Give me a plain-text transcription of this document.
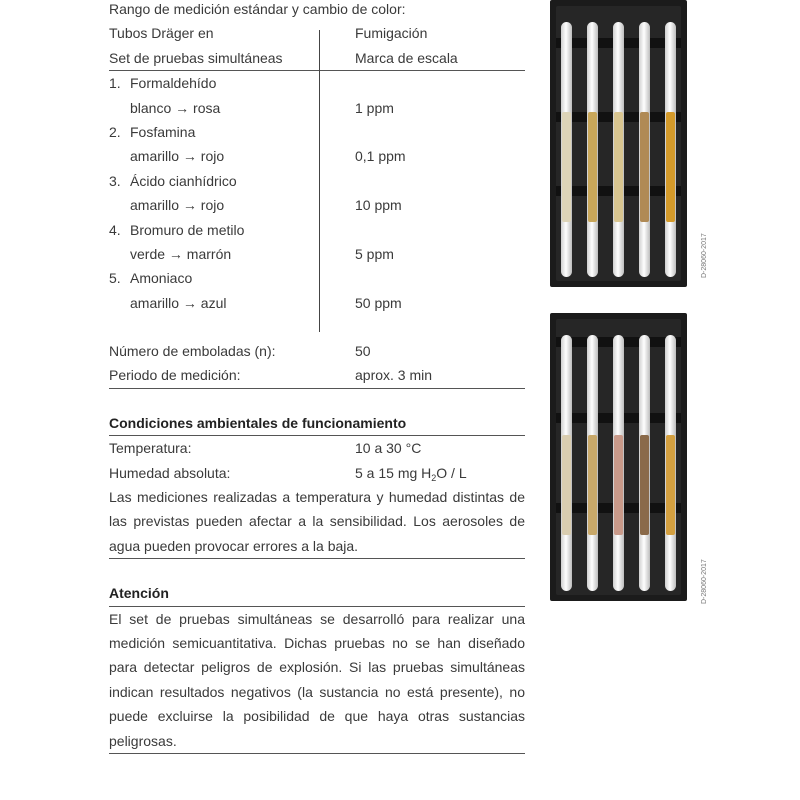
Rango de medición estándar y cambio de color:
Tubos Dräger en	Fumigación
Set de pruebas simultáneas	Marca de escala
1. Formaldehído
blanco → rosa	1 ppm
2. Fosfamina
amarillo → rojo	0,1 ppm
3. Ácido cianhídrico
amarillo → rojo	10 ppm
4. Bromuro de metilo
verde → marrón	5 ppm
5. Amoniaco
amarillo → azul	50 ppm
Número de emboladas (n):	50
Periodo de medición:	aprox. 3 min
Condiciones ambientales de funcionamiento
Temperatura:	10 a 30 °C
Humedad absoluta:	5 a 15 mg $H_2O$ / L
Las mediciones realizadas a temperatura y humedad distintas de las previstas pueden afectar a la sensibilidad. Los aerosoles de agua pueden provocar errores a la baja.
Atención
El set de pruebas simultáneas se desarrolló para realizar una medición semicuantitativa. Dichas pruebas no se han diseñado para detectar peligros de explosión. Si las pruebas simultáneas indican resultados negativos (la sustancia no está presente), no puede excluirse la posibilidad de que haya otras sustancias peligrosas.
D-28060-2017
D-28060-2017
